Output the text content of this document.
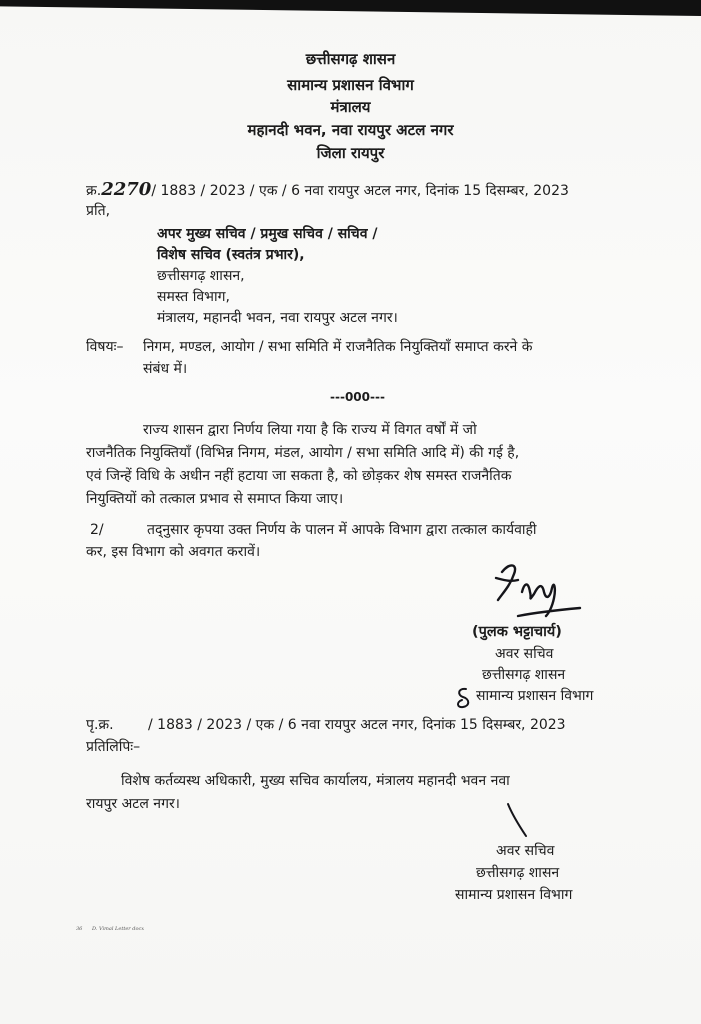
छत्तीसगढ़ शासन
सामान्य प्रशासन विभाग
मंत्रालय
महानदी भवन, नवा रायपुर अटल नगर
जिला रायपुर
क्र.2270/ 1883 / 2023 / एक / 6 नवा रायपुर अटल नगर, दिनांक 15 दिसम्बर, 2023
प्रति,
अपर मुख्य सचिव / प्रमुख सचिव / सचिव /
विशेष सचिव (स्वतंत्र प्रभार),
छत्तीसगढ़ शासन,
समस्त विभाग,
मंत्रालय, महानदी भवन, नवा रायपुर अटल नगर।
विषयः– निगम, मण्डल, आयोग / सभा समिति में राजनैतिक नियुक्तियाँ समाप्त करने के
संबंध में।
---000---
राज्य शासन द्वारा निर्णय लिया गया है कि राज्य में विगत वर्षों में जो
राजनैतिक नियुक्तियाँ (विभिन्न निगम, मंडल, आयोग / सभा समिति आदि में) की गई है,
एवं जिन्हें विधि के अधीन नहीं हटाया जा सकता है, को छोड़कर शेष समस्त राजनैतिक
नियुक्तियों को तत्काल प्रभाव से समाप्त किया जाए।
2/	तद्नुसार कृपया उक्त निर्णय के पालन में आपके विभाग द्वारा तत्काल कार्यवाही
कर, इस विभाग को अवगत करावें।
(पुलक भट्टाचार्य)
अवर सचिव
छत्तीसगढ़ शासन
सामान्य प्रशासन विभाग
पृ.क्र. / 1883 / 2023 / एक / 6 नवा रायपुर अटल नगर, दिनांक 15 दिसम्बर, 2023
प्रतिलिपिः–
विशेष कर्तव्यस्थ अधिकारी, मुख्य सचिव कार्यालय, मंत्रालय महानदी भवन नवा
रायपुर अटल नगर।
अवर सचिव
छत्तीसगढ़ शासन
सामान्य प्रशासन विभाग
36 D. Vimal Letter docx
